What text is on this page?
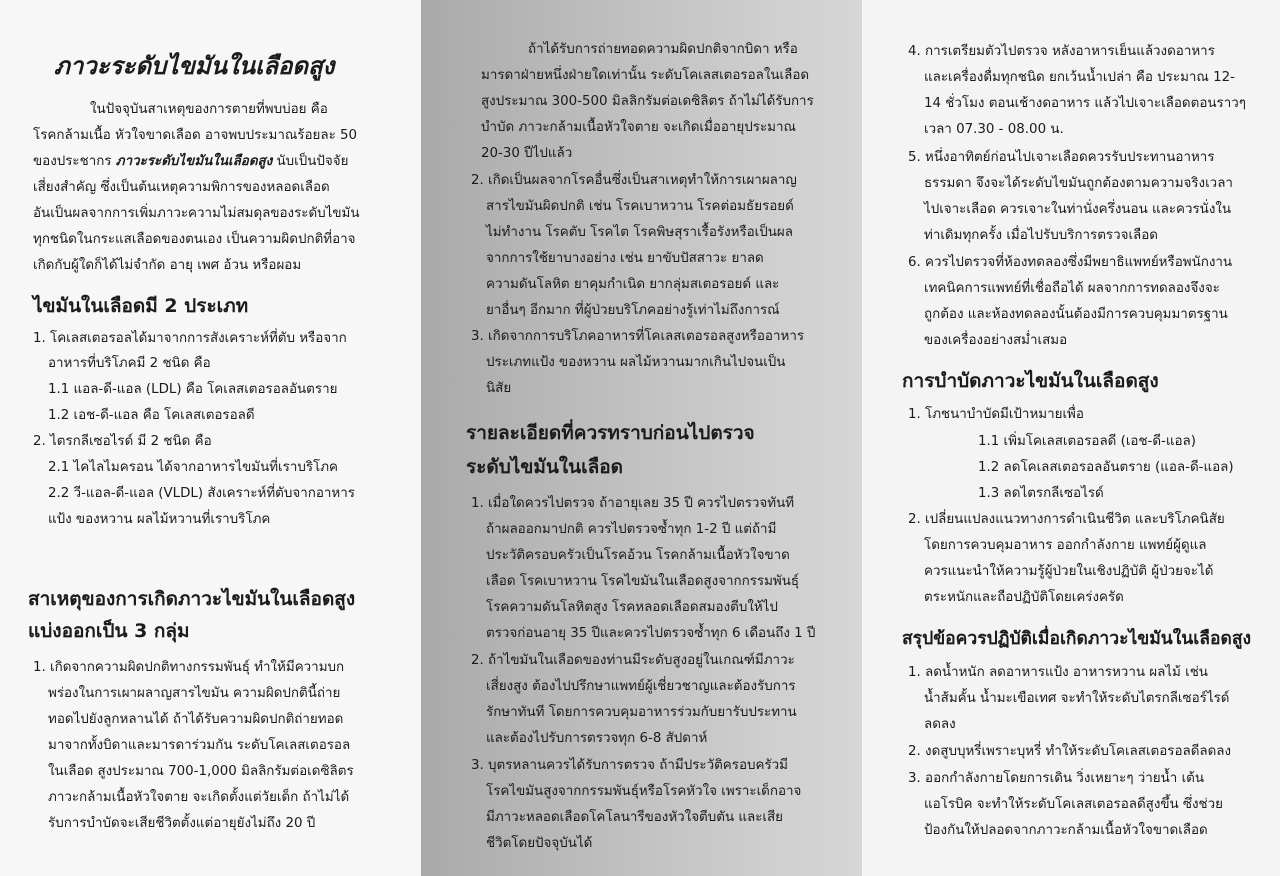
ภาวะระดับไขมันในเลือดสูง

ในปัจจุบันสาเหตุของการตายที่พบบ่อย คือ

โรคกล้ามเนื้อ หัวใจขาดเลือด อาจพบประมาณร้อยละ 50

ของประชากร ภาวะระดับไขมันในเลือดสูง นับเป็นปัจจัย

เสี่ยงสำคัญ ซึ่งเป็นต้นเหตุความพิการของหลอดเลือด

อันเป็นผลจากการเพิ่มภาวะความไม่สมดุลของระดับไขมัน

ทุกชนิดในกระแสเลือดของตนเอง เป็นความผิดปกติที่อาจ

เกิดกับผู้ใดก็ได้ไม่จำกัด อายุ เพศ อ้วน หรือผอม

ไขมันในเลือดมี 2 ประเภท

1. โคเลสเตอรอลได้มาจากการสังเคราะห์ที่ตับ หรือจาก

อาหารที่บริโภคมี 2 ชนิด คือ

1.1 แอล-ดี-แอล (LDL) คือ โคเลสเตอรอลอันตราย

1.2 เอช-ดี-แอล คือ โคเลสเตอรอลดี

2. ไตรกลีเซอไรด์ มี 2 ชนิด คือ

2.1 ไคไลไมครอน ได้จากอาหารไขมันที่เราบริโภค

2.2 วี-แอล-ดี-แอล (VLDL) สังเคราะห์ที่ตับจากอาหาร

แป้ง ของหวาน ผลไม้หวานที่เราบริโภค

สาเหตุของการเกิดภาวะไขมันในเลือดสูง
แบ่งออกเป็น 3 กลุ่ม

1. เกิดจากความผิดปกติทางกรรมพันธุ์ ทำให้มีความบก

พร่องในการเผาผลาญสารไขมัน ความผิดปกตินี้ถ่าย

ทอดไปยังลูกหลานได้ ถ้าได้รับความผิดปกติถ่ายทอด

มาจากทั้งบิดาและมารดาร่วมกัน ระดับโคเลสเตอรอล

ในเลือด สูงประมาณ 700-1,000 มิลลิกรัมต่อเดซิลิตร

ภาวะกล้ามเนื้อหัวใจตาย จะเกิดตั้งแต่วัยเด็ก ถ้าไม่ได้

รับการบำบัดจะเสียชีวิตตั้งแต่อายุยังไม่ถึง 20 ปี

ถ้าได้รับการถ่ายทอดความผิดปกติจากบิดา หรือ

มารดาฝ่ายหนึ่งฝ่ายใดเท่านั้น ระดับโคเลสเตอรอลในเลือด

สูงประมาณ 300-500 มิลลิกรัมต่อเดซิลิตร ถ้าไม่ได้รับการ

บำบัด ภาวะกล้ามเนื้อหัวใจตาย จะเกิดเมื่ออายุประมาณ

20-30 ปีไปแล้ว

2. เกิดเป็นผลจากโรคอื่นซึ่งเป็นสาเหตุทำให้การเผาผลาญ

สารไขมันผิดปกติ เช่น โรคเบาหวาน โรคต่อมธัยรอยด์

ไม่ทำงาน โรคตับ โรคไต โรคพิษสุราเรื้อรังหรือเป็นผล

จากการใช้ยาบางอย่าง เช่น ยาขับปัสสาวะ ยาลด

ความดันโลหิต ยาคุมกำเนิด ยากลุ่มสเตอรอยด์ และ

ยาอื่นๆ อีกมาก ที่ผู้ป่วยบริโภคอย่างรู้เท่าไม่ถึงการณ์

3. เกิดจากการบริโภคอาหารที่โคเลสเตอรอลสูงหรืออาหาร

ประเภทแป้ง ของหวาน ผลไม้หวานมากเกินไปจนเป็น

นิสัย

รายละเอียดที่ควรทราบก่อนไปตรวจ
ระดับไขมันในเลือด

1. เมื่อใดควรไปตรวจ ถ้าอายุเลย 35 ปี ควรไปตรวจทันที

ถ้าผลออกมาปกติ ควรไปตรวจซ้ำทุก 1-2 ปี แต่ถ้ามี

ประวัติครอบครัวเป็นโรคอ้วน โรคกล้ามเนื้อหัวใจขาด

เลือด โรคเบาหวาน โรคไขมันในเลือดสูงจากกรรมพันธุ์

โรคความดันโลหิตสูง โรคหลอดเลือดสมองตีบให้ไป

ตรวจก่อนอายุ 35 ปีและควรไปตรวจซ้ำทุก 6 เดือนถึง 1 ปี

2. ถ้าไขมันในเลือดของท่านมีระดับสูงอยู่ในเกณฑ์มีภาวะ

เสี่ยงสูง ต้องไปปรึกษาแพทย์ผู้เชี่ยวชาญและต้องรับการ

รักษาทันที โดยการควบคุมอาหารร่วมกับยารับประทาน

และต้องไปรับการตรวจทุก 6-8 สัปดาห์

3. บุตรหลานควรได้รับการตรวจ ถ้ามีประวัติครอบครัวมี

โรคไขมันสูงจากกรรมพันธุ์หรือโรคหัวใจ เพราะเด็กอาจ

มีภาวะหลอดเลือดโคโลนารีของหัวใจตีบตัน และเสีย

ชีวิตโดยปัจจุบันได้

4. การเตรียมตัวไปตรวจ หลังอาหารเย็นแล้วงดอาหาร

และเครื่องดื่มทุกชนิด ยกเว้นน้ำเปล่า คือ ประมาณ 12-

14 ชั่วโมง ตอนเช้างดอาหาร แล้วไปเจาะเลือดตอนราวๆ

เวลา 07.30 - 08.00 น.

5. หนึ่งอาทิตย์ก่อนไปเจาะเลือดควรรับประทานอาหาร

ธรรมดา จึงจะได้ระดับไขมันถูกต้องตามความจริงเวลา

ไปเจาะเลือด ควรเจาะในท่านั่งครึ่งนอน และควรนั่งใน

ท่าเดิมทุกครั้ง เมื่อไปรับบริการตรวจเลือด

6. ควรไปตรวจที่ห้องทดลองซึ่งมีพยาธิแพทย์หรือพนักงาน

เทคนิคการแพทย์ที่เชื่อถือได้ ผลจากการทดลองจึงจะ

ถูกต้อง และห้องทดลองนั้นต้องมีการควบคุมมาตรฐาน

ของเครื่องอย่างสม่ำเสมอ

การบำบัดภาวะไขมันในเลือดสูง

1. โภชนาบำบัดมีเป้าหมายเพื่อ

1.1 เพิ่มโคเลสเตอรอลดี (เอช-ดี-แอล)

1.2 ลดโคเลสเตอรอลอันตราย (แอล-ดี-แอล)

1.3 ลดไตรกลีเซอไรด์

2. เปลี่ยนแปลงแนวทางการดำเนินชีวิต และบริโภคนิสัย

โดยการควบคุมอาหาร ออกกำลังกาย แพทย์ผู้ดูแล

ควรแนะนำให้ความรู้ผู้ป่วยในเชิงปฏิบัติ ผู้ป่วยจะได้

ตระหนักและถือปฏิบัติโดยเคร่งครัด

สรุปข้อควรปฏิบัติเมื่อเกิดภาวะไขมันในเลือดสูง

1. ลดน้ำหนัก ลดอาหารแป้ง อาหารหวาน ผลไม้ เช่น

น้ำส้มคั้น น้ำมะเขือเทศ จะทำให้ระดับไตรกลีเซอร์ไรด์

ลดลง

2. งดสูบบุหรี่เพราะบุหรี่ ทำให้ระดับโคเลสเตอรอลดีลดลง

3. ออกกำลังกายโดยการเดิน วิ่งเหยาะๆ ว่ายน้ำ เต้น

แอโรบิค จะทำให้ระดับโคเลสเตอรอลดีสูงขึ้น ซึ่งช่วย

ป้องกันให้ปลอดจากภาวะกล้ามเนื้อหัวใจขาดเลือด
